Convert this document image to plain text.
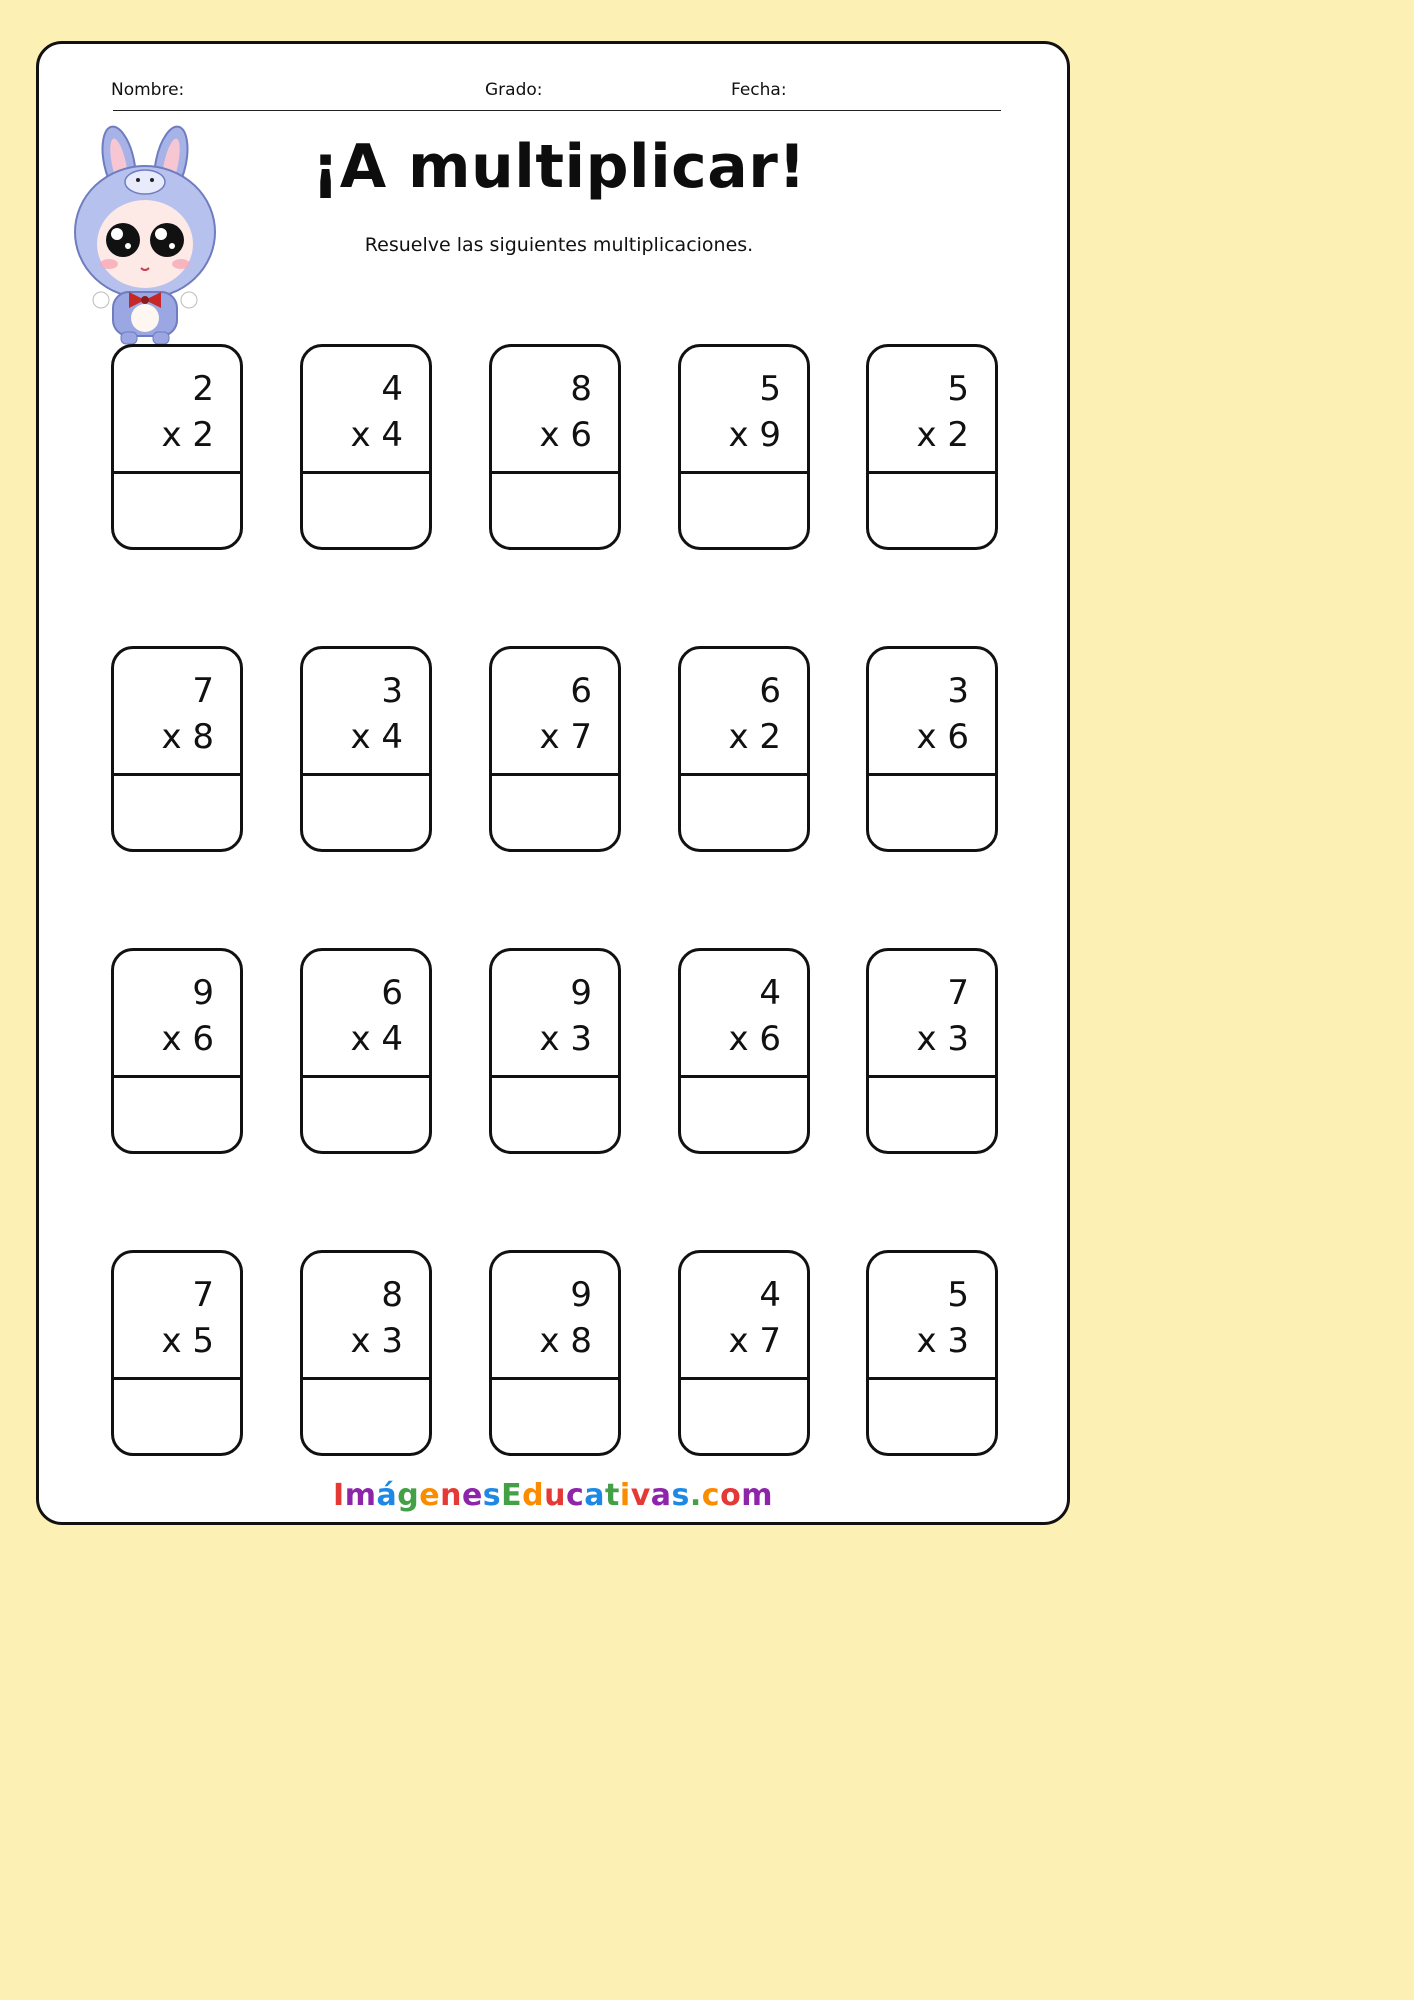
Nombre:	Grado:	Fecha:
¡A multiplicar!
Resuelve las siguientes multiplicaciones.
2
x 2
4
x 4
8
x 6
5
x 9
5
x 2
7
x 8
3
x 4
6
x 7
6
x 2
3
x 6
9
x 6
6
x 4
9
x 3
4
x 6
7
x 3
7
x 5
8
x 3
9
x 8
4
x 7
5
x 3
ImágenesEducativas.com
